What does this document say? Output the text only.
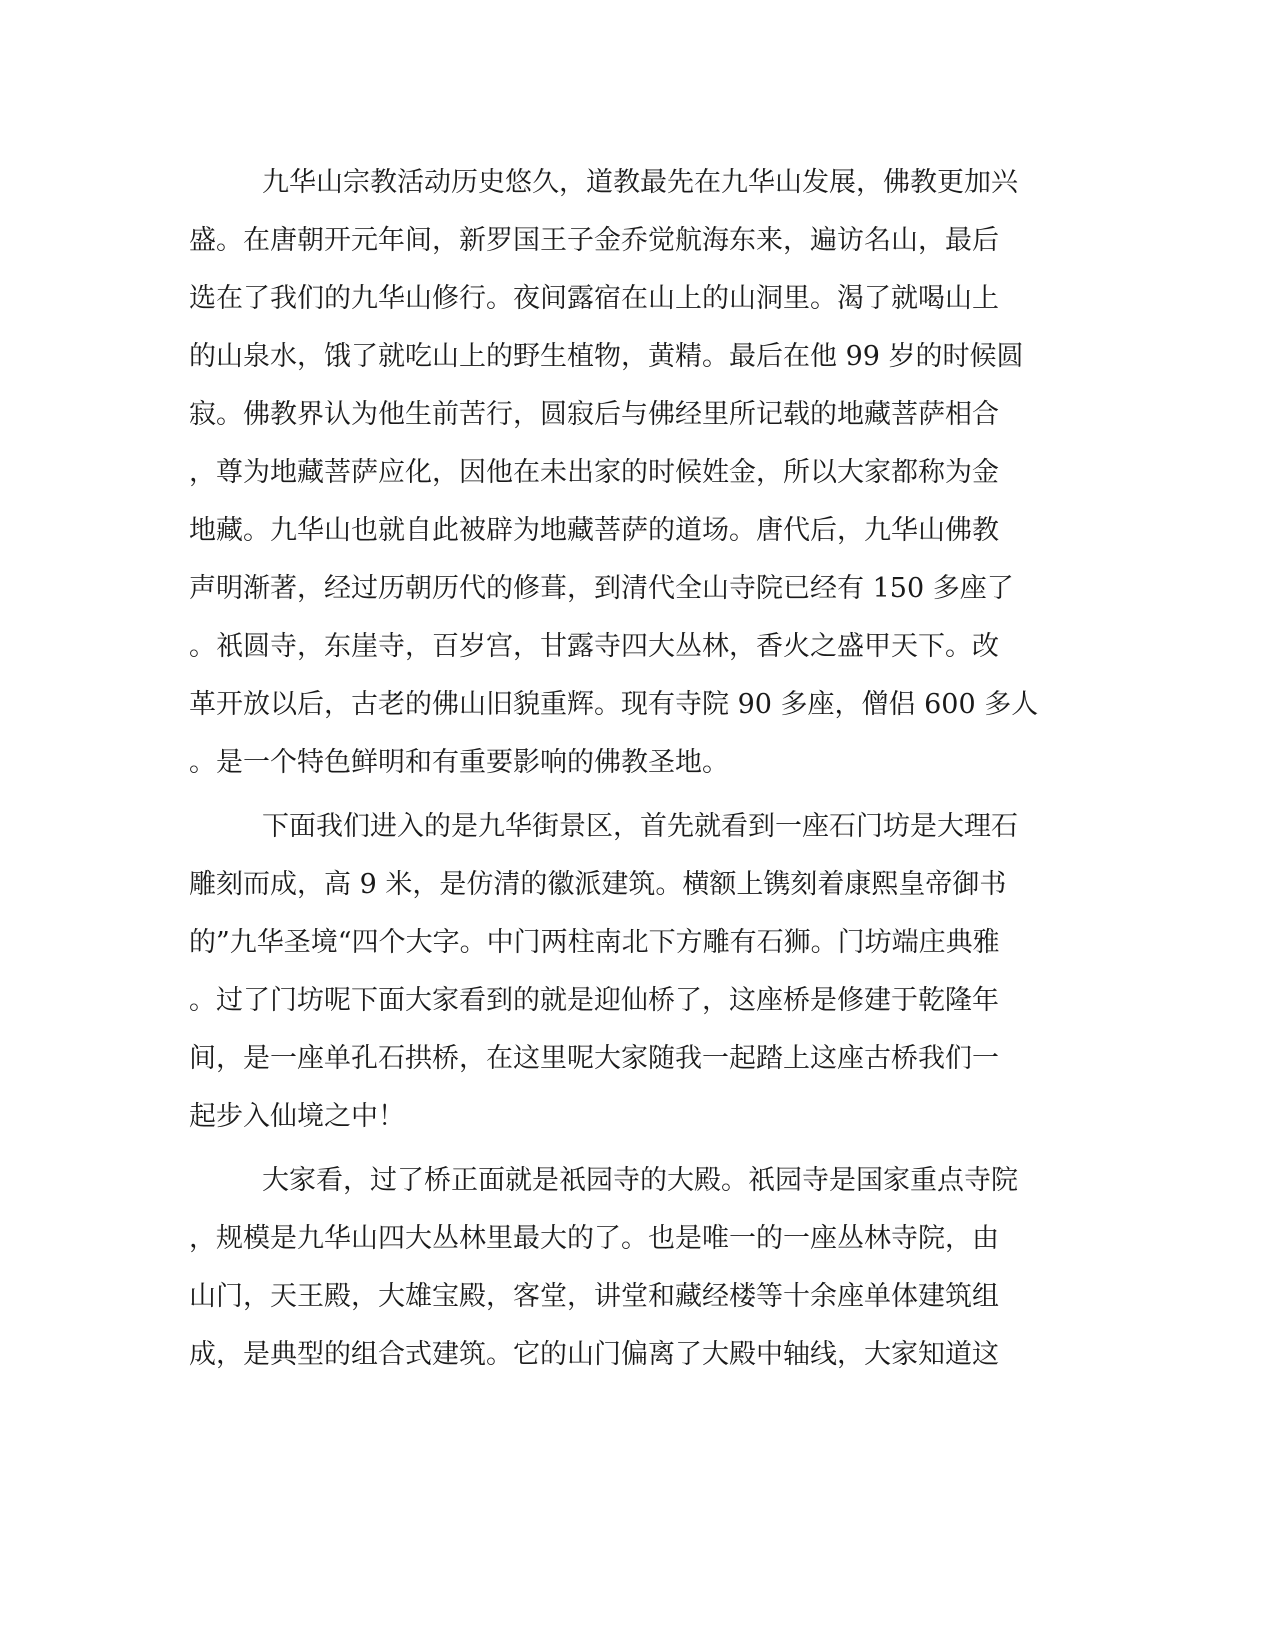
九华山宗教活动历史悠久，道教最先在九华山发展，佛教更加兴
盛。在唐朝开元年间，新罗国王子金乔觉航海东来，遍访名山，最后
选在了我们的九华山修行。夜间露宿在山上的山洞里。渴了就喝山上
的山泉水，饿了就吃山上的野生植物，黄精。最后在他 99 岁的时候圆
寂。佛教界认为他生前苦行，圆寂后与佛经里所记载的地藏菩萨相合
，尊为地藏菩萨应化，因他在未出家的时候姓金，所以大家都称为金
地藏。九华山也就自此被辟为地藏菩萨的道场。唐代后，九华山佛教
声明渐著，经过历朝历代的修葺，到清代全山寺院已经有 150 多座了
。祇圆寺，东崖寺，百岁宫，甘露寺四大丛林，香火之盛甲天下。改
革开放以后，古老的佛山旧貌重辉。现有寺院 90 多座，僧侣 600 多人
。是一个特色鲜明和有重要影响的佛教圣地。
下面我们进入的是九华街景区，首先就看到一座石门坊是大理石
雕刻而成，高 9 米，是仿清的徽派建筑。横额上镌刻着康熙皇帝御书
的”九华圣境“四个大字。中门两柱南北下方雕有石狮。门坊端庄典雅
。过了门坊呢下面大家看到的就是迎仙桥了，这座桥是修建于乾隆年
间，是一座单孔石拱桥，在这里呢大家随我一起踏上这座古桥我们一
起步入仙境之中！
大家看，过了桥正面就是祇园寺的大殿。祇园寺是国家重点寺院
，规模是九华山四大丛林里最大的了。也是唯一的一座丛林寺院，由
山门，天王殿，大雄宝殿，客堂，讲堂和藏经楼等十余座单体建筑组
成，是典型的组合式建筑。它的山门偏离了大殿中轴线，大家知道这
